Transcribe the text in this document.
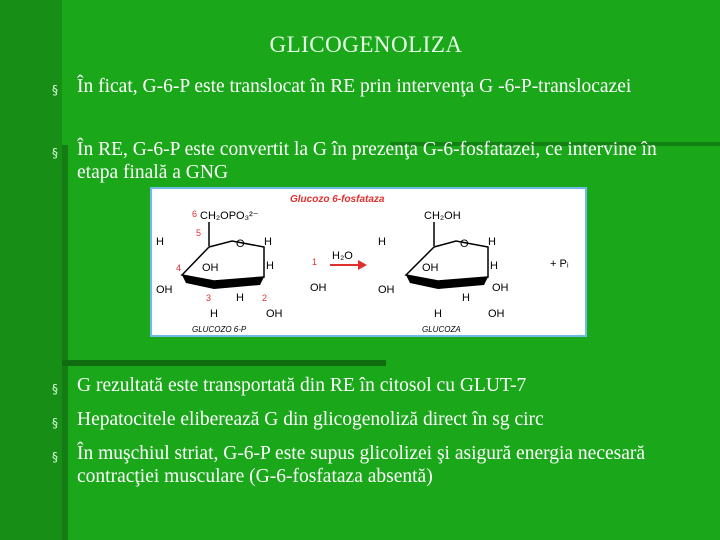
GLICOGENOLIZA
§ În ficat, G-6-P este translocat în RE prin intervenţa G -6-P-translocazei
§ În RE, G-6-P este convertit la G în prezenţa G-6-fosfatazei, ce intervine în etapa finală a GNG
Glucozo 6-fosfataza
6 CH₂OPO₃²⁻
5
O
H
4 OH
H
H
OH
3 H 2
1
H	OH
OH
GLUCOZO 6-P
H₂O
CH₂OH
O
H
OH
H
H
OH
H
H	OH
OH
GLUCOZA
+ Pᵢ
§ G rezultată este transportată din RE în citosol cu GLUT-7
§ Hepatocitele eliberează G din glicogenoliză direct în sg circ
§ În muşchiul striat, G-6-P este supus glicolizei şi asigură energia necesară contracţiei musculare (G-6-fosfataza absentă)
